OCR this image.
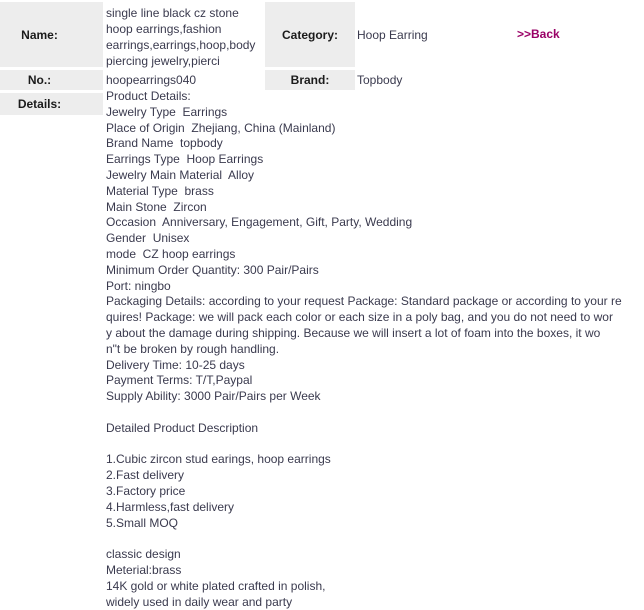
Name:
single line black cz stone
hoop earrings,fashion
earrings,earrings,hoop,body
piercing jewelry,pierci
Category: Hoop Earring	>>Back
No.:	hoopearrings040	Brand: Topbody
Details:
Product Details:
Jewelry Type  Earrings
Place of Origin  Zhejiang, China (Mainland)
Brand Name  topbody
Earrings Type  Hoop Earrings
Jewelry Main Material  Alloy
Material Type  brass
Main Stone  Zircon
Occasion  Anniversary, Engagement, Gift, Party, Wedding
Gender  Unisex
mode  CZ hoop earrings
Minimum Order Quantity: 300 Pair/Pairs
Port: ningbo
Packaging Details: according to your request Package: Standard package or according to your re
quires! Package: we will pack each color or each size in a poly bag, and you do not need to wor
y about the damage during shipping. Because we will insert a lot of foam into the boxes, it wo
n"t be broken by rough handling.
Delivery Time: 10-25 days
Payment Terms: T/T,Paypal
Supply Ability: 3000 Pair/Pairs per Week

Detailed Product Description

1.Cubic zircon stud earings, hoop earrings
2.Fast delivery
3.Factory price
4.Harmless,fast delivery
5.Small MOQ

classic design
Meterial:brass
14K gold or white plated crafted in polish,
widely used in daily wear and party
